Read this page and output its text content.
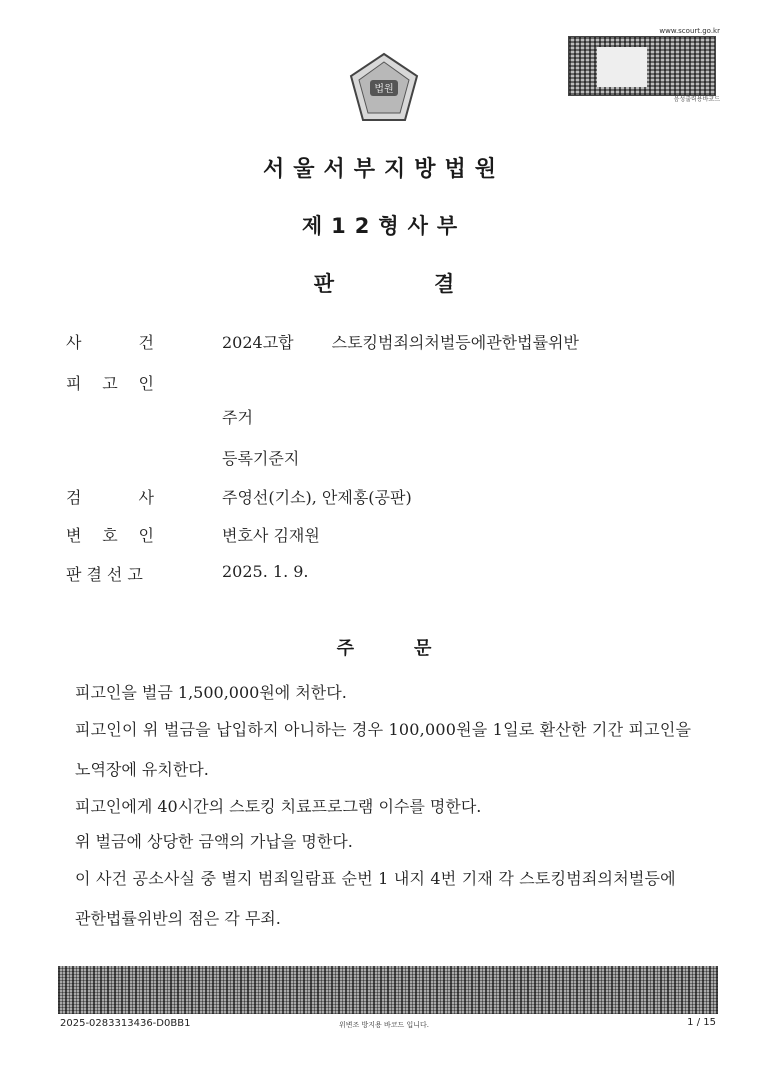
법원
www.scourt.go.kr
음성출력용바코드
서울서부지방법원
제12형사부
판	결
사	건	2024고합 스토킹범죄의처벌등에관한법률위반
피 고 인
주거
등록기준지
검	사	주영선(기소), 안제홍(공판)
변 호 인	변호사 김재원
판결선고	2025. 1. 9.
주	문
피고인을 벌금 1,500,000원에 처한다.
피고인이 위 벌금을 납입하지 아니하는 경우 100,000원을 1일로 환산한 기간 피고인을
노역장에 유치한다.
피고인에게 40시간의 스토킹 치료프로그램 이수를 명한다.
위 벌금에 상당한 금액의 가납을 명한다.
이 사건 공소사실 중 별지 범죄일람표 순번 1 내지 4번 기재 각 스토킹범죄의처벌등에
관한법률위반의 점은 각 무죄.
2025-0283313436-D0BB1	위변조 방지용 바코드 입니다.	1 / 15
